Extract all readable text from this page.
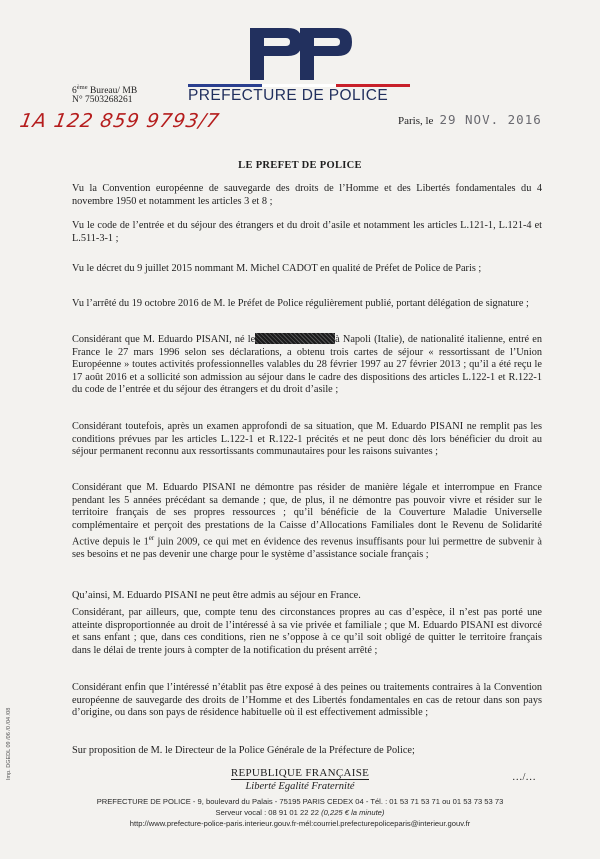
PREFECTURE DE POLICE
6ème Bureau/ MB
N° 7503268261
1A 122 859 9793/7	Paris, le 29 NOV. 2016
LE PREFET DE POLICE
Vu la Convention européenne de sauvegarde des droits de l’Homme et des Libertés fondamentales du 4 novembre 1950 et notamment les articles 3 et 8 ;
Vu le code de l’entrée et du séjour des étrangers et du droit d’asile et notamment les articles L.121-1, L.121-4 et L.511-3-1 ;
Vu le décret du 9 juillet 2015 nommant M. Michel CADOT en qualité de Préfet de Police de Paris ;
Vu l’arrêté du 19 octobre 2016 de M. le Préfet de Police régulièrement publié, portant délégation de signature ;
Considérant que M. Eduardo PISANI, né le	à Napoli (Italie), de nationalité italienne, entré en France le 27 mars 1996 selon ses déclarations, a obtenu trois cartes de séjour « ressortissant de l’Union Européenne » toutes activités professionnelles valables du 28 février 1997 au 27 février 2013 ; qu’il a été reçu le 17 août 2016 et a sollicité son admission au séjour dans le cadre des dispositions des articles L.122-1 et R.122-1 du code de l’entrée et du séjour des étrangers et du droit d’asile ;
Considérant toutefois, après un examen approfondi de sa situation, que M. Eduardo PISANI ne remplit pas les conditions prévues par les articles L.122-1 et R.122-1 précités et ne peut donc dès lors bénéficier du droit au séjour permanent reconnu aux ressortissants communautaires pour les raisons suivantes ;
Considérant que M. Eduardo PISANI ne démontre pas résider de manière légale et interrompue en France pendant les 5 années précédant sa demande ; que, de plus, il ne démontre pas pouvoir vivre et résider sur le territoire français de ses propres ressources ; qu’il bénéficie de la Couverture Maladie Universelle complémentaire et perçoit des prestations de la Caisse d’Allocations Familiales dont le Revenu de Solidarité Active depuis le 1er juin 2009, ce qui met en évidence des revenus insuffisants pour lui permettre de subvenir à ses besoins et ne pas devenir une charge pour le système d’assistance sociale français ;
Qu’ainsi, M. Eduardo PISANI ne peut être admis au séjour en France.
Considérant, par ailleurs, que, compte tenu des circonstances propres au cas d’espèce, il n’est pas porté une atteinte disproportionnée au droit de l’intéressé à sa vie privée et familiale ; que M. Eduardo PISANI est divorcé et sans enfant ; que, dans ces conditions, rien ne s’oppose à ce qu’il soit obligé de quitter le territoire français dans le délai de trente jours à compter de la notification du présent arrêté ;
Considérant enfin que l’intéressé n’établit pas être exposé à des peines ou traitements contraires à la Convention européenne de sauvegarde des droits de l’Homme et des Libertés fondamentales en cas de retour dans son pays d’origine, ou dans son pays de résidence habituelle où il est effectivement admissible ;
Sur proposition de M. le Directeur de la Police Générale de la Préfecture de Police;
Imp. DGEDL 09 /06 /0 /04 /08	REPUBLIQUE FRANÇAISE
Liberté Egalité Fraternité
…/…
PREFECTURE DE POLICE - 9, boulevard du Palais - 75195 PARIS CEDEX 04 - Tél. : 01 53 71 53 71 ou 01 53 73 53 73
Serveur vocal : 08 91 01 22 22 (0,225 € la minute)
http://www.prefecture-police-paris.interieur.gouv.fr-mél:courriel.prefecturepoliceparis@interieur.gouv.fr
